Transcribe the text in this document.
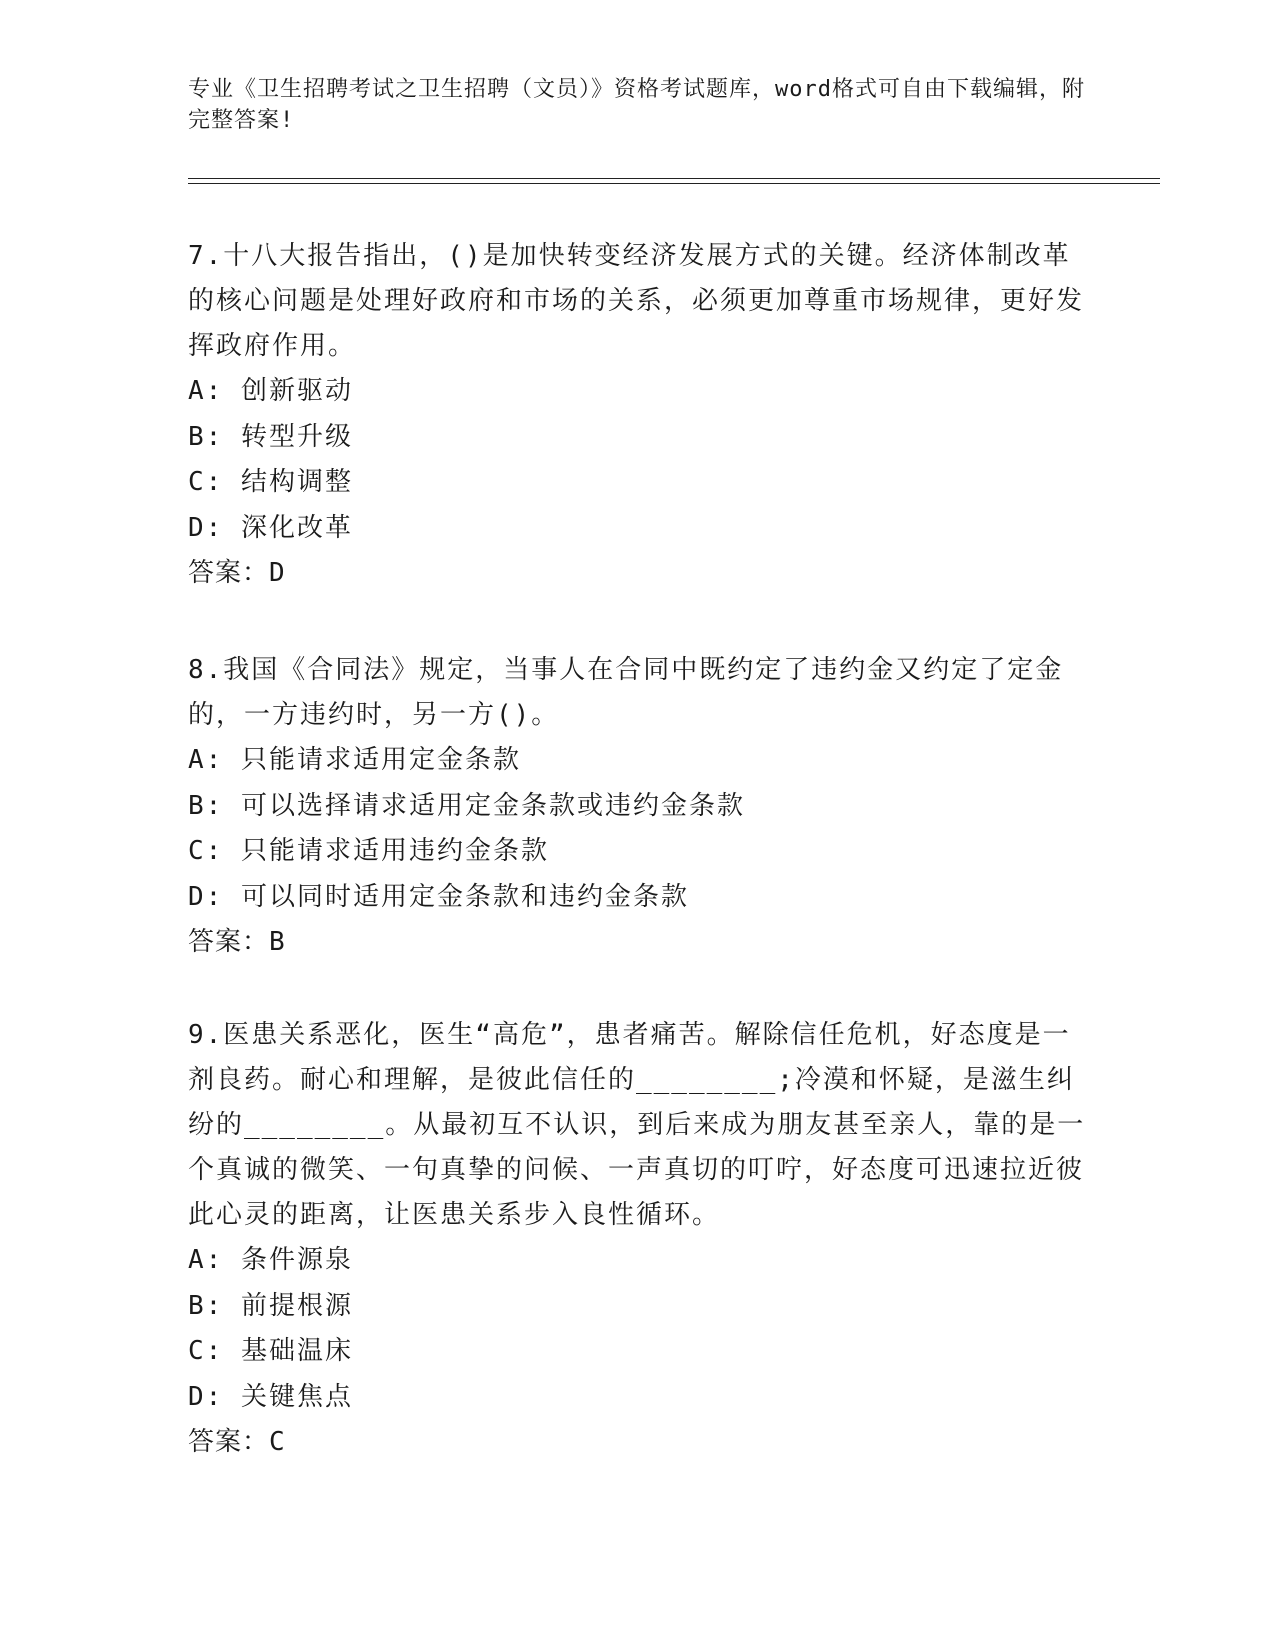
专业《卫生招聘考试之卫生招聘（文员）》资格考试题库，word格式可自由下载编辑，附完整答案!
7.十八大报告指出，()是加快转变经济发展方式的关键。经济体制改革的核心问题是处理好政府和市场的关系，必须更加尊重市场规律，更好发挥政府作用。
A: 创新驱动
B: 转型升级
C: 结构调整
D: 深化改革
答案：D
8.我国《合同法》规定，当事人在合同中既约定了违约金又约定了定金的，一方违约时，另一方()。
A: 只能请求适用定金条款
B: 可以选择请求适用定金条款或违约金条款
C: 只能请求适用违约金条款
D: 可以同时适用定金条款和违约金条款
答案：B
9.医患关系恶化，医生“高危”，患者痛苦。解除信任危机，好态度是一剂良药。耐心和理解，是彼此信任的________;冷漠和怀疑，是滋生纠纷的________。从最初互不认识，到后来成为朋友甚至亲人，靠的是一个真诚的微笑、一句真挚的问候、一声真切的叮咛，好态度可迅速拉近彼此心灵的距离，让医患关系步入良性循环。
A: 条件源泉
B: 前提根源
C: 基础温床
D: 关键焦点
答案：C
